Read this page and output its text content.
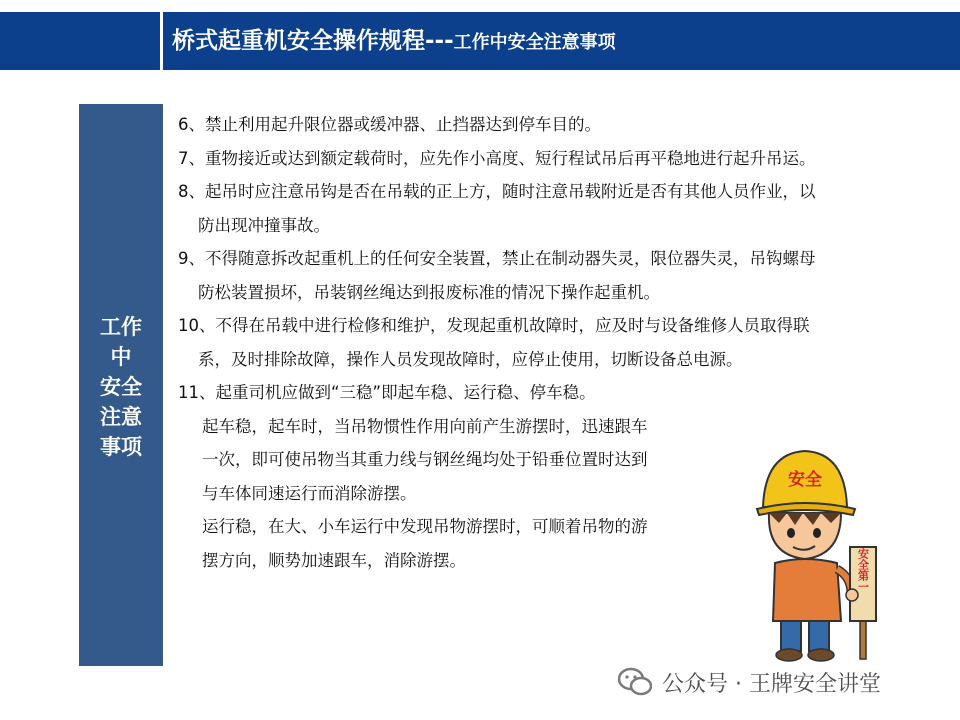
桥式起重机安全操作规程---工作中安全注意事项
工作
中
安全
注意
事项
6、禁止利用起升限位器或缓冲器、止挡器达到停车目的。
7、重物接近或达到额定载荷时，应先作小高度、短行程试吊后再平稳地进行起升吊运。
8、起吊时应注意吊钩是否在吊载的正上方，随时注意吊载附近是否有其他人员作业，以
防出现冲撞事故。
9、不得随意拆改起重机上的任何安全装置，禁止在制动器失灵，限位器失灵，吊钩螺母
防松装置损坏，吊装钢丝绳达到报废标准的情况下操作起重机。
10、不得在吊载中进行检修和维护，发现起重机故障时，应及时与设备维修人员取得联
系，及时排除故障，操作人员发现故障时，应停止使用，切断设备总电源。
11、起重司机应做到“三稳”即起车稳、运行稳、停车稳。
起车稳，起车时，当吊物惯性作用向前产生游摆时，迅速跟车
一次，即可使吊物当其重力线与钢丝绳均处于铅垂位置时达到
与车体同速运行而消除游摆。
运行稳，在大、小车运行中发现吊物游摆时，可顺着吊物的游
摆方向，顺势加速跟车，消除游摆。
安全
安全第一
公众号 · 王牌安全讲堂
